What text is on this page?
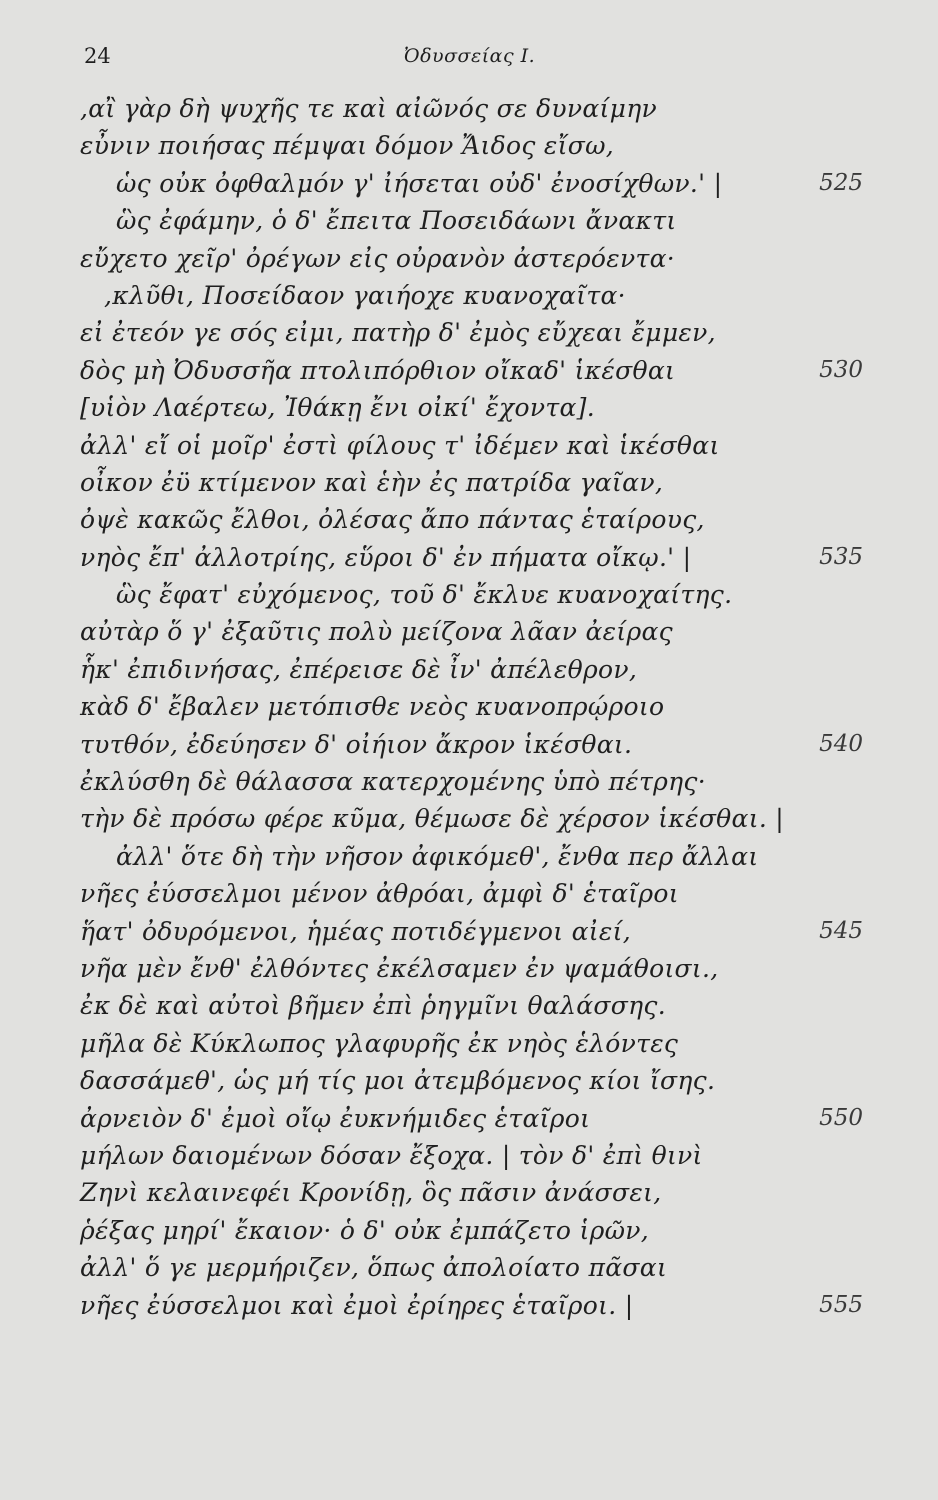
24	Ὀδυσσείας Ι.
,αἲ γὰρ δὴ ψυχῆς τε καὶ αἰῶνός σε δυναίμην
εὖνιν ποιήσας πέμψαι δόμον Ἄιδος εἴσω,
ὡς οὐκ ὀφθαλμόν γ' ἰήσεται οὐδ' ἐνοσίχθων.' |	525
ὣς ἐφάμην, ὁ δ' ἔπειτα Ποσειδάωνι ἄνακτι
εὔχετο χεῖρ' ὀρέγων εἰς οὐρανὸν ἀστερόεντα·
,κλῦθι, Ποσείδαον γαιήοχε κυανοχαῖτα·
εἰ ἐτεόν γε σός εἰμι, πατὴρ δ' ἐμὸς εὔχεαι ἔμμεν,
δὸς μὴ Ὀδυσσῆα πτολιπόρθιον οἴκαδ' ἱκέσθαι	530
[υἱὸν Λαέρτεω, Ἰθάκῃ ἔνι οἰκί' ἔχοντα].
ἀλλ' εἴ οἱ μοῖρ' ἐστὶ φίλους τ' ἰδέμεν καὶ ἱκέσθαι
οἶκον ἐϋ κτίμενον καὶ ἑὴν ἐς πατρίδα γαῖαν,
ὀψὲ κακῶς ἔλθοι, ὀλέσας ἄπο πάντας ἑταίρους,
νηὸς ἔπ' ἀλλοτρίης, εὕροι δ' ἐν πήματα οἴκῳ.' |	535
ὣς ἔφατ' εὐχόμενος, τοῦ δ' ἔκλυε κυανοχαίτης.
αὐτὰρ ὅ γ' ἐξαῦτις πολὺ μείζονα λᾶαν ἀείρας
ἧκ' ἐπιδινήσας, ἐπέρεισε δὲ ἶν' ἀπέλεθρον,
κὰδ δ' ἔβαλεν μετόπισθε νεὸς κυανοπρῴροιο
τυτθόν, ἐδεύησεν δ' οἰήιον ἄκρον ἱκέσθαι.	540
ἐκλύσθη δὲ θάλασσα κατερχομένης ὑπὸ πέτρης·
τὴν δὲ πρόσω φέρε κῦμα, θέμωσε δὲ χέρσον ἱκέσθαι. |
ἀλλ' ὅτε δὴ τὴν νῆσον ἀφικόμεθ', ἔνθα περ ἄλλαι
νῆες ἐύσσελμοι μένον ἀθρόαι, ἀμφὶ δ' ἑταῖροι
ἥατ' ὀδυρόμενοι, ἡμέας ποτιδέγμενοι αἰεί,	545
νῆα μὲν ἔνθ' ἐλθόντες ἐκέλσαμεν ἐν ψαμάθοισι.,
ἐκ δὲ καὶ αὐτοὶ βῆμεν ἐπὶ ῥηγμῖνι θαλάσσης.
μῆλα δὲ Κύκλωπος γλαφυρῆς ἐκ νηὸς ἑλόντες
δασσάμεθ', ὡς μή τίς μοι ἀτεμβόμενος κίοι ἴσης.
ἀρνειὸν δ' ἐμοὶ οἴῳ ἐυκνήμιδες ἑταῖροι	550
μήλων δαιομένων δόσαν ἔξοχα. | τὸν δ' ἐπὶ θινὶ
Ζηνὶ κελαινεφέι Κρονίδῃ, ὃς πᾶσιν ἀνάσσει,
ῥέξας μηρί' ἔκαιον· ὁ δ' οὐκ ἐμπάζετο ἱρῶν,
ἀλλ' ὅ γε μερμήριζεν, ὅπως ἀπολοίατο πᾶσαι
νῆες ἐύσσελμοι καὶ ἐμοὶ ἐρίηρες ἑταῖροι. |	555
